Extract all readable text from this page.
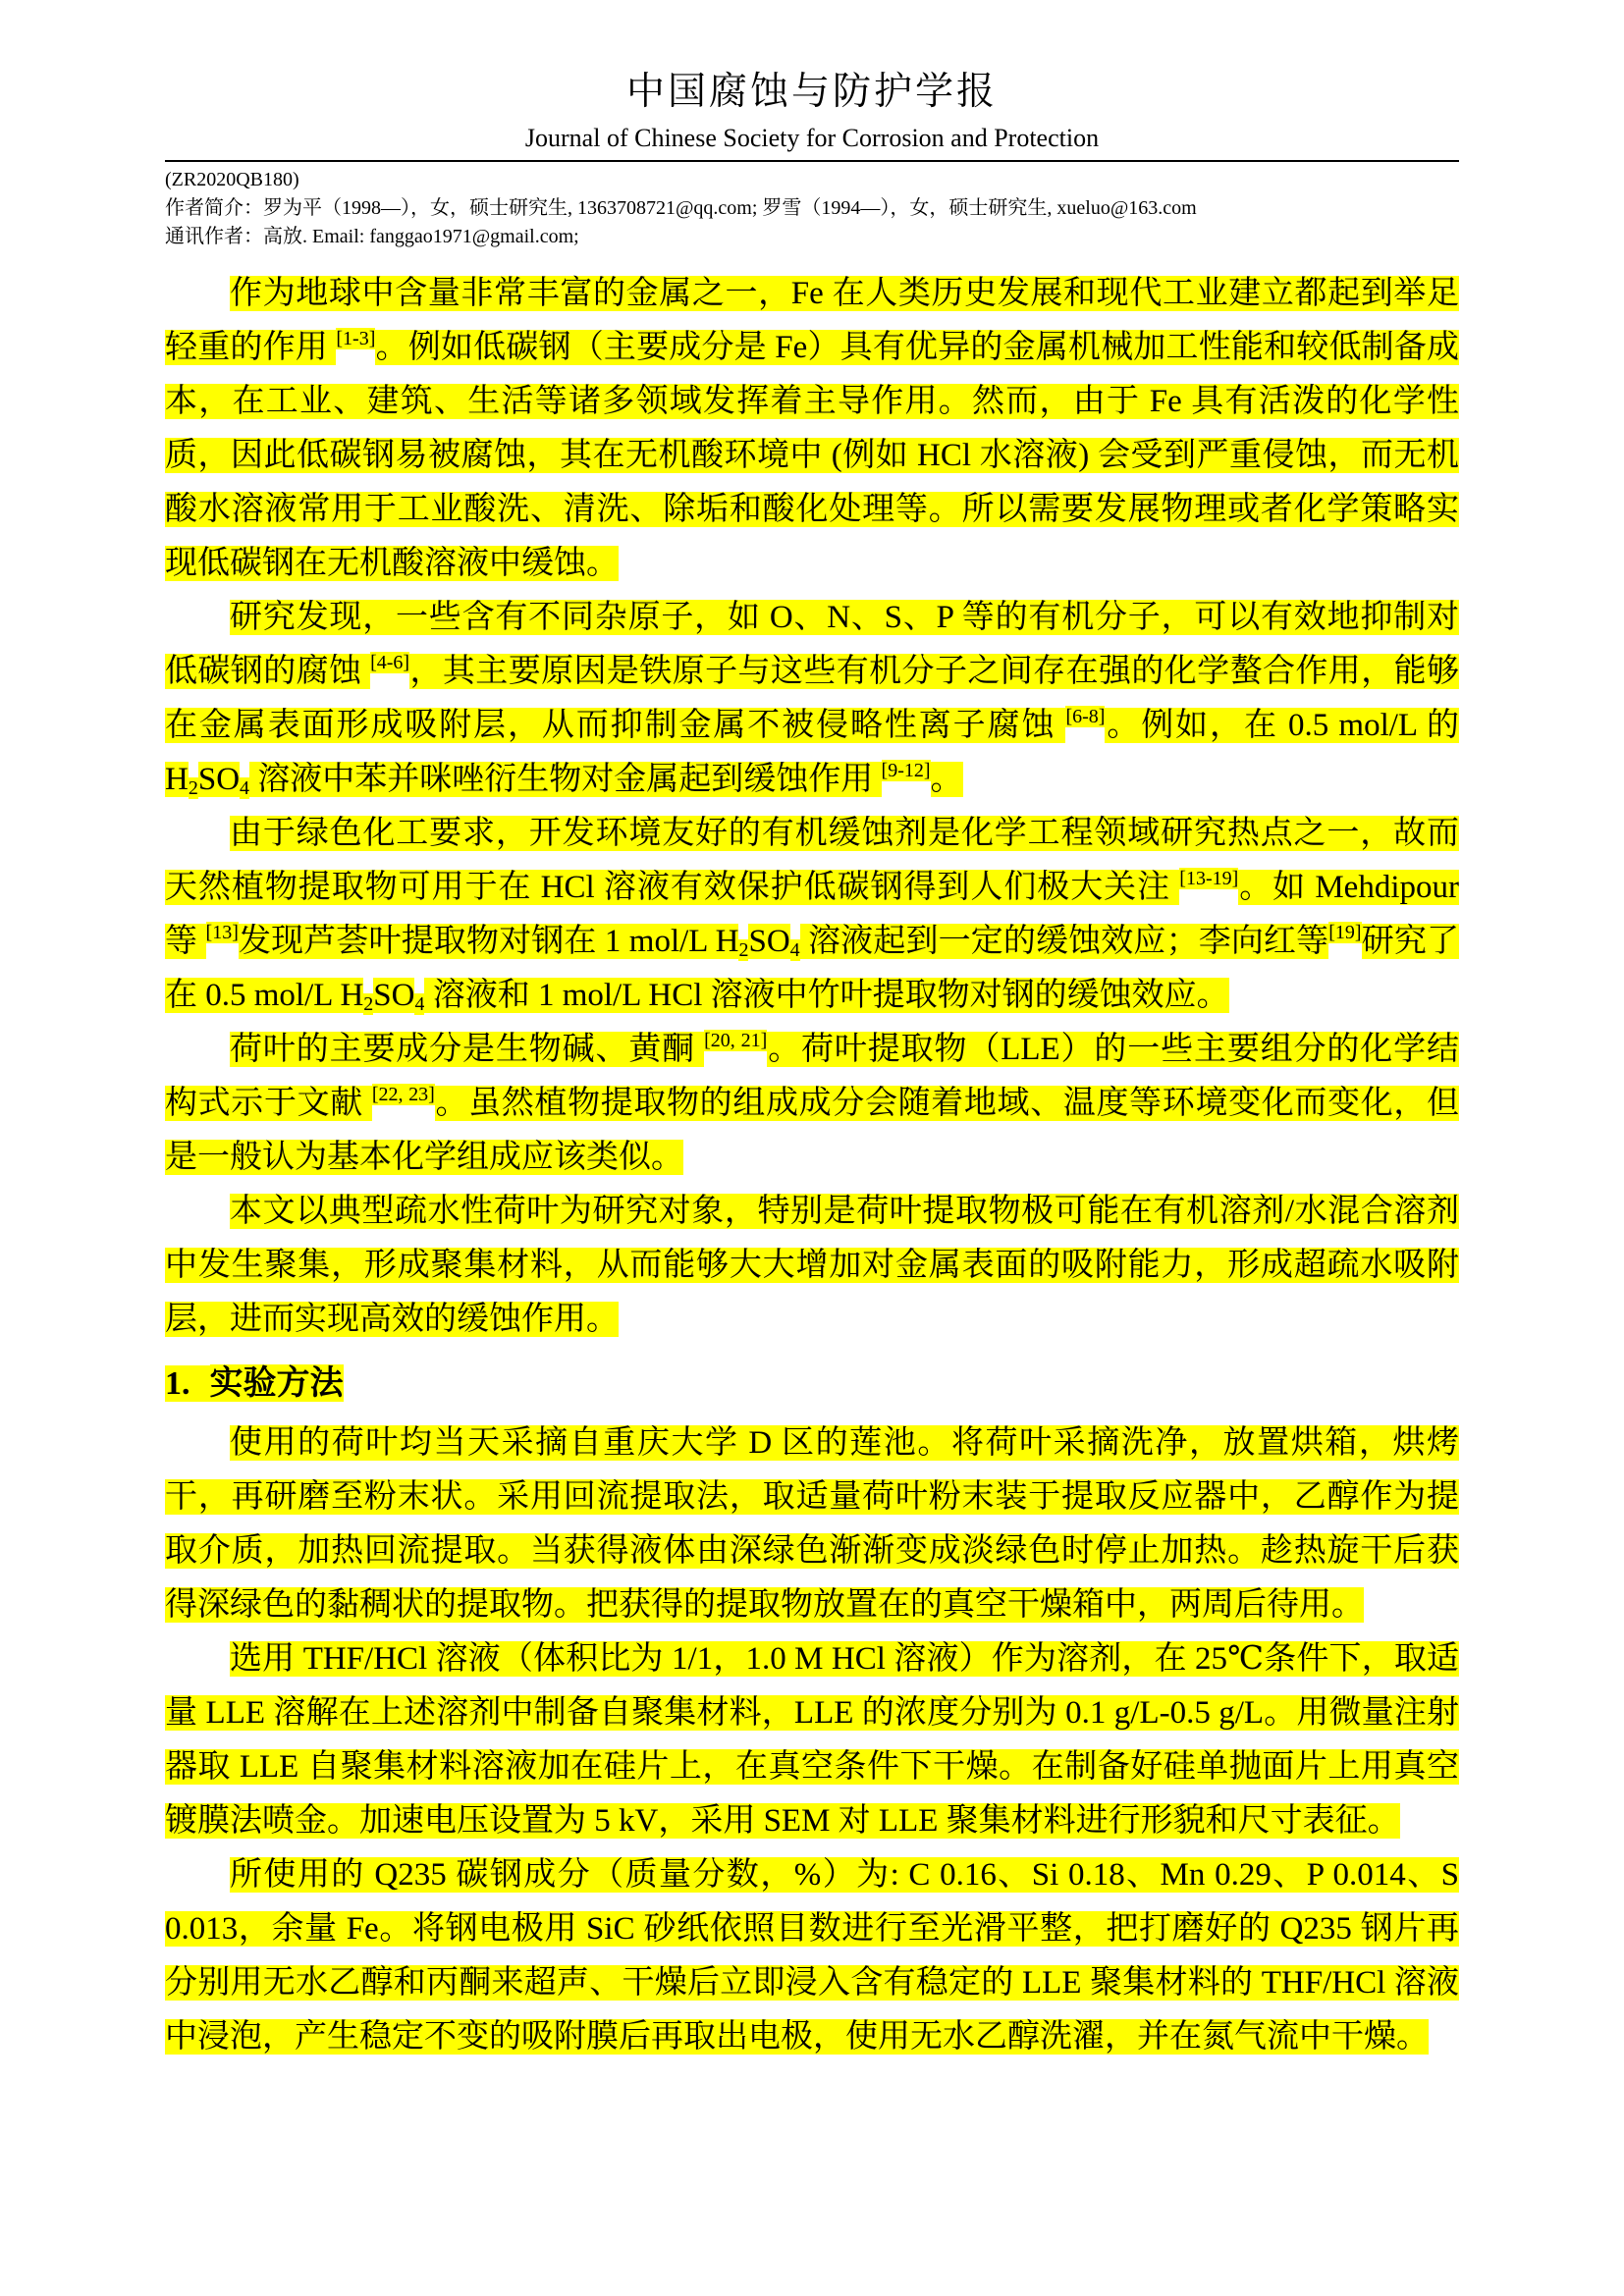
中国腐蚀与防护学报
Journal of Chinese Society for Corrosion and Protection
(ZR2020QB180)
作者简介：罗为平（1998—），女，硕士研究生, 1363708721@qq.com; 罗雪（1994—），女，硕士研究生, xueluo@163.com
通讯作者：高放. Email: fanggao1971@gmail.com;

作为地球中含量非常丰富的金属之一，Fe 在人类历史发展和现代工业建立都起到举足轻重的作用 [1-3]。例如低碳钢（主要成分是 Fe）具有优异的金属机械加工性能和较低制备成本，在工业、建筑、生活等诸多领域发挥着主导作用。然而，由于 Fe 具有活泼的化学性质，因此低碳钢易被腐蚀，其在无机酸环境中 (例如 HCl 水溶液) 会受到严重侵蚀，而无机酸水溶液常用于工业酸洗、清洗、除垢和酸化处理等。所以需要发展物理或者化学策略实现低碳钢在无机酸溶液中缓蚀。

研究发现，一些含有不同杂原子，如 O、N、S、P 等的有机分子，可以有效地抑制对低碳钢的腐蚀 [4-6]，其主要原因是铁原子与这些有机分子之间存在强的化学螯合作用，能够在金属表面形成吸附层，从而抑制金属不被侵略性离子腐蚀 [6-8]。例如，在 0.5 mol/L 的 $H_2SO_4$ 溶液中苯并咪唑衍生物对金属起到缓蚀作用 [9-12]。

由于绿色化工要求，开发环境友好的有机缓蚀剂是化学工程领域研究热点之一，故而天然植物提取物可用于在 HCl 溶液有效保护低碳钢得到人们极大关注 [13-19]。如 Mehdipour 等 [13]发现芦荟叶提取物对钢在 1 mol/L $H_2SO_4$ 溶液起到一定的缓蚀效应；李向红等[19]研究了在 0.5 mol/L $H_2SO_4$ 溶液和 1 mol/L HCl 溶液中竹叶提取物对钢的缓蚀效应。

荷叶的主要成分是生物碱、黄酮 [20, 21]。荷叶提取物（LLE）的一些主要组分的化学结构式示于文献 [22, 23]。虽然植物提取物的组成成分会随着地域、温度等环境变化而变化，但是一般认为基本化学组成应该类似。

本文以典型疏水性荷叶为研究对象，特别是荷叶提取物极可能在有机溶剂/水混合溶剂中发生聚集，形成聚集材料，从而能够大大增加对金属表面的吸附能力，形成超疏水吸附层，进而实现高效的缓蚀作用。

1. 实验方法

使用的荷叶均当天采摘自重庆大学 D 区的莲池。将荷叶采摘洗净，放置烘箱，烘烤干，再研磨至粉末状。采用回流提取法，取适量荷叶粉末装于提取反应器中，乙醇作为提取介质，加热回流提取。当获得液体由深绿色渐渐变成淡绿色时停止加热。趁热旋干后获得深绿色的黏稠状的提取物。把获得的提取物放置在的真空干燥箱中，两周后待用。

选用 THF/HCl 溶液（体积比为 1/1，1.0 M HCl 溶液）作为溶剂，在 25℃条件下，取适量 LLE 溶解在上述溶剂中制备自聚集材料，LLE 的浓度分别为 0.1 g/L-0.5 g/L。用微量注射器取 LLE 自聚集材料溶液加在硅片上，在真空条件下干燥。在制备好硅单抛面片上用真空镀膜法喷金。加速电压设置为 5 kV，采用 SEM 对 LLE 聚集材料进行形貌和尺寸表征。

所使用的 Q235 碳钢成分（质量分数，%）为: C 0.16、Si 0.18、Mn 0.29、P 0.014、S 0.013，余量 Fe。将钢电极用 SiC 砂纸依照目数进行至光滑平整，把打磨好的 Q235 钢片再分别用无水乙醇和丙酮来超声、干燥后立即浸入含有稳定的 LLE 聚集材料的 THF/HCl 溶液中浸泡，产生稳定不变的吸附膜后再取出电极，使用无水乙醇洗濯，并在氮气流中干燥。
